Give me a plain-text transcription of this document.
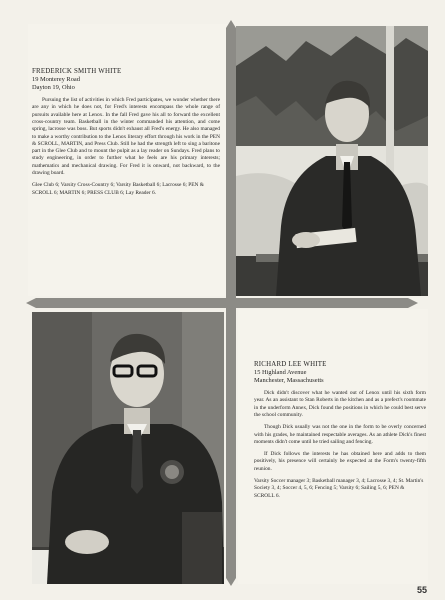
FREDERICK SMITH WHITE
19 Monterey Road
Dayton 19, Ohio

Pursuing the list of activities in which Fred participates, we wonder whether there are any in which he does not, for Fred's interests encompass the whole range of pursuits available here at Lenox. In the fall Fred gave his all to forward the excellent cross-country team. Basketball in the winter commanded his attention, and come spring, lacrosse was boss. But sports didn't exhaust all Fred's energy. He also managed to make a worthy contribution to the Lenox literary effort through his work in the PEN & SCROLL, MARTIN, and Press Club. Still he had the strength left to sing a baritone part in the Glee Club and to mount the pulpit as a lay reader on Sundays. Fred plans to study engineering, in order to further what he feels are his primary interests; mathematics and mechanical drawing. For Fred it is onward, not backward, to the drawing board.

Glee Club 6; Varsity Cross-Country 6; Varsity Basketball 6; Lacrosse 6; PEN & SCROLL 6; MARTIN 6; PRESS CLUB 6; Lay Reader 6.
RICHARD LEE WHITE
15 Highland Avenue
Manchester, Massachusetts

Dick didn't discover what he wanted out of Lenox until his sixth form year. As an assistant to Stan Roberts in the kitchen and as a prefect's roommate in the underform Annex, Dick found the positions in which he could best serve the school community.

Though Dick usually was not the one in the form to be overly concerned with his grades, he maintained respectable averages. As an athlete Dick's finest moments didn't come until he tried sailing and fencing.

If Dick follows the interests he has obtained here and adds to them positively, his presence will certainly be expected at the Form's twenty-fifth reunion.

Varsity Soccer manager 3; Basketball manager 3, 4; Lacrosse 3, 4; St. Martin's Society 3, 4; Soccer 4, 5, 6; Fencing 5; Varsity 6; Sailing 5, 6; PEN & SCROLL 6.
55
